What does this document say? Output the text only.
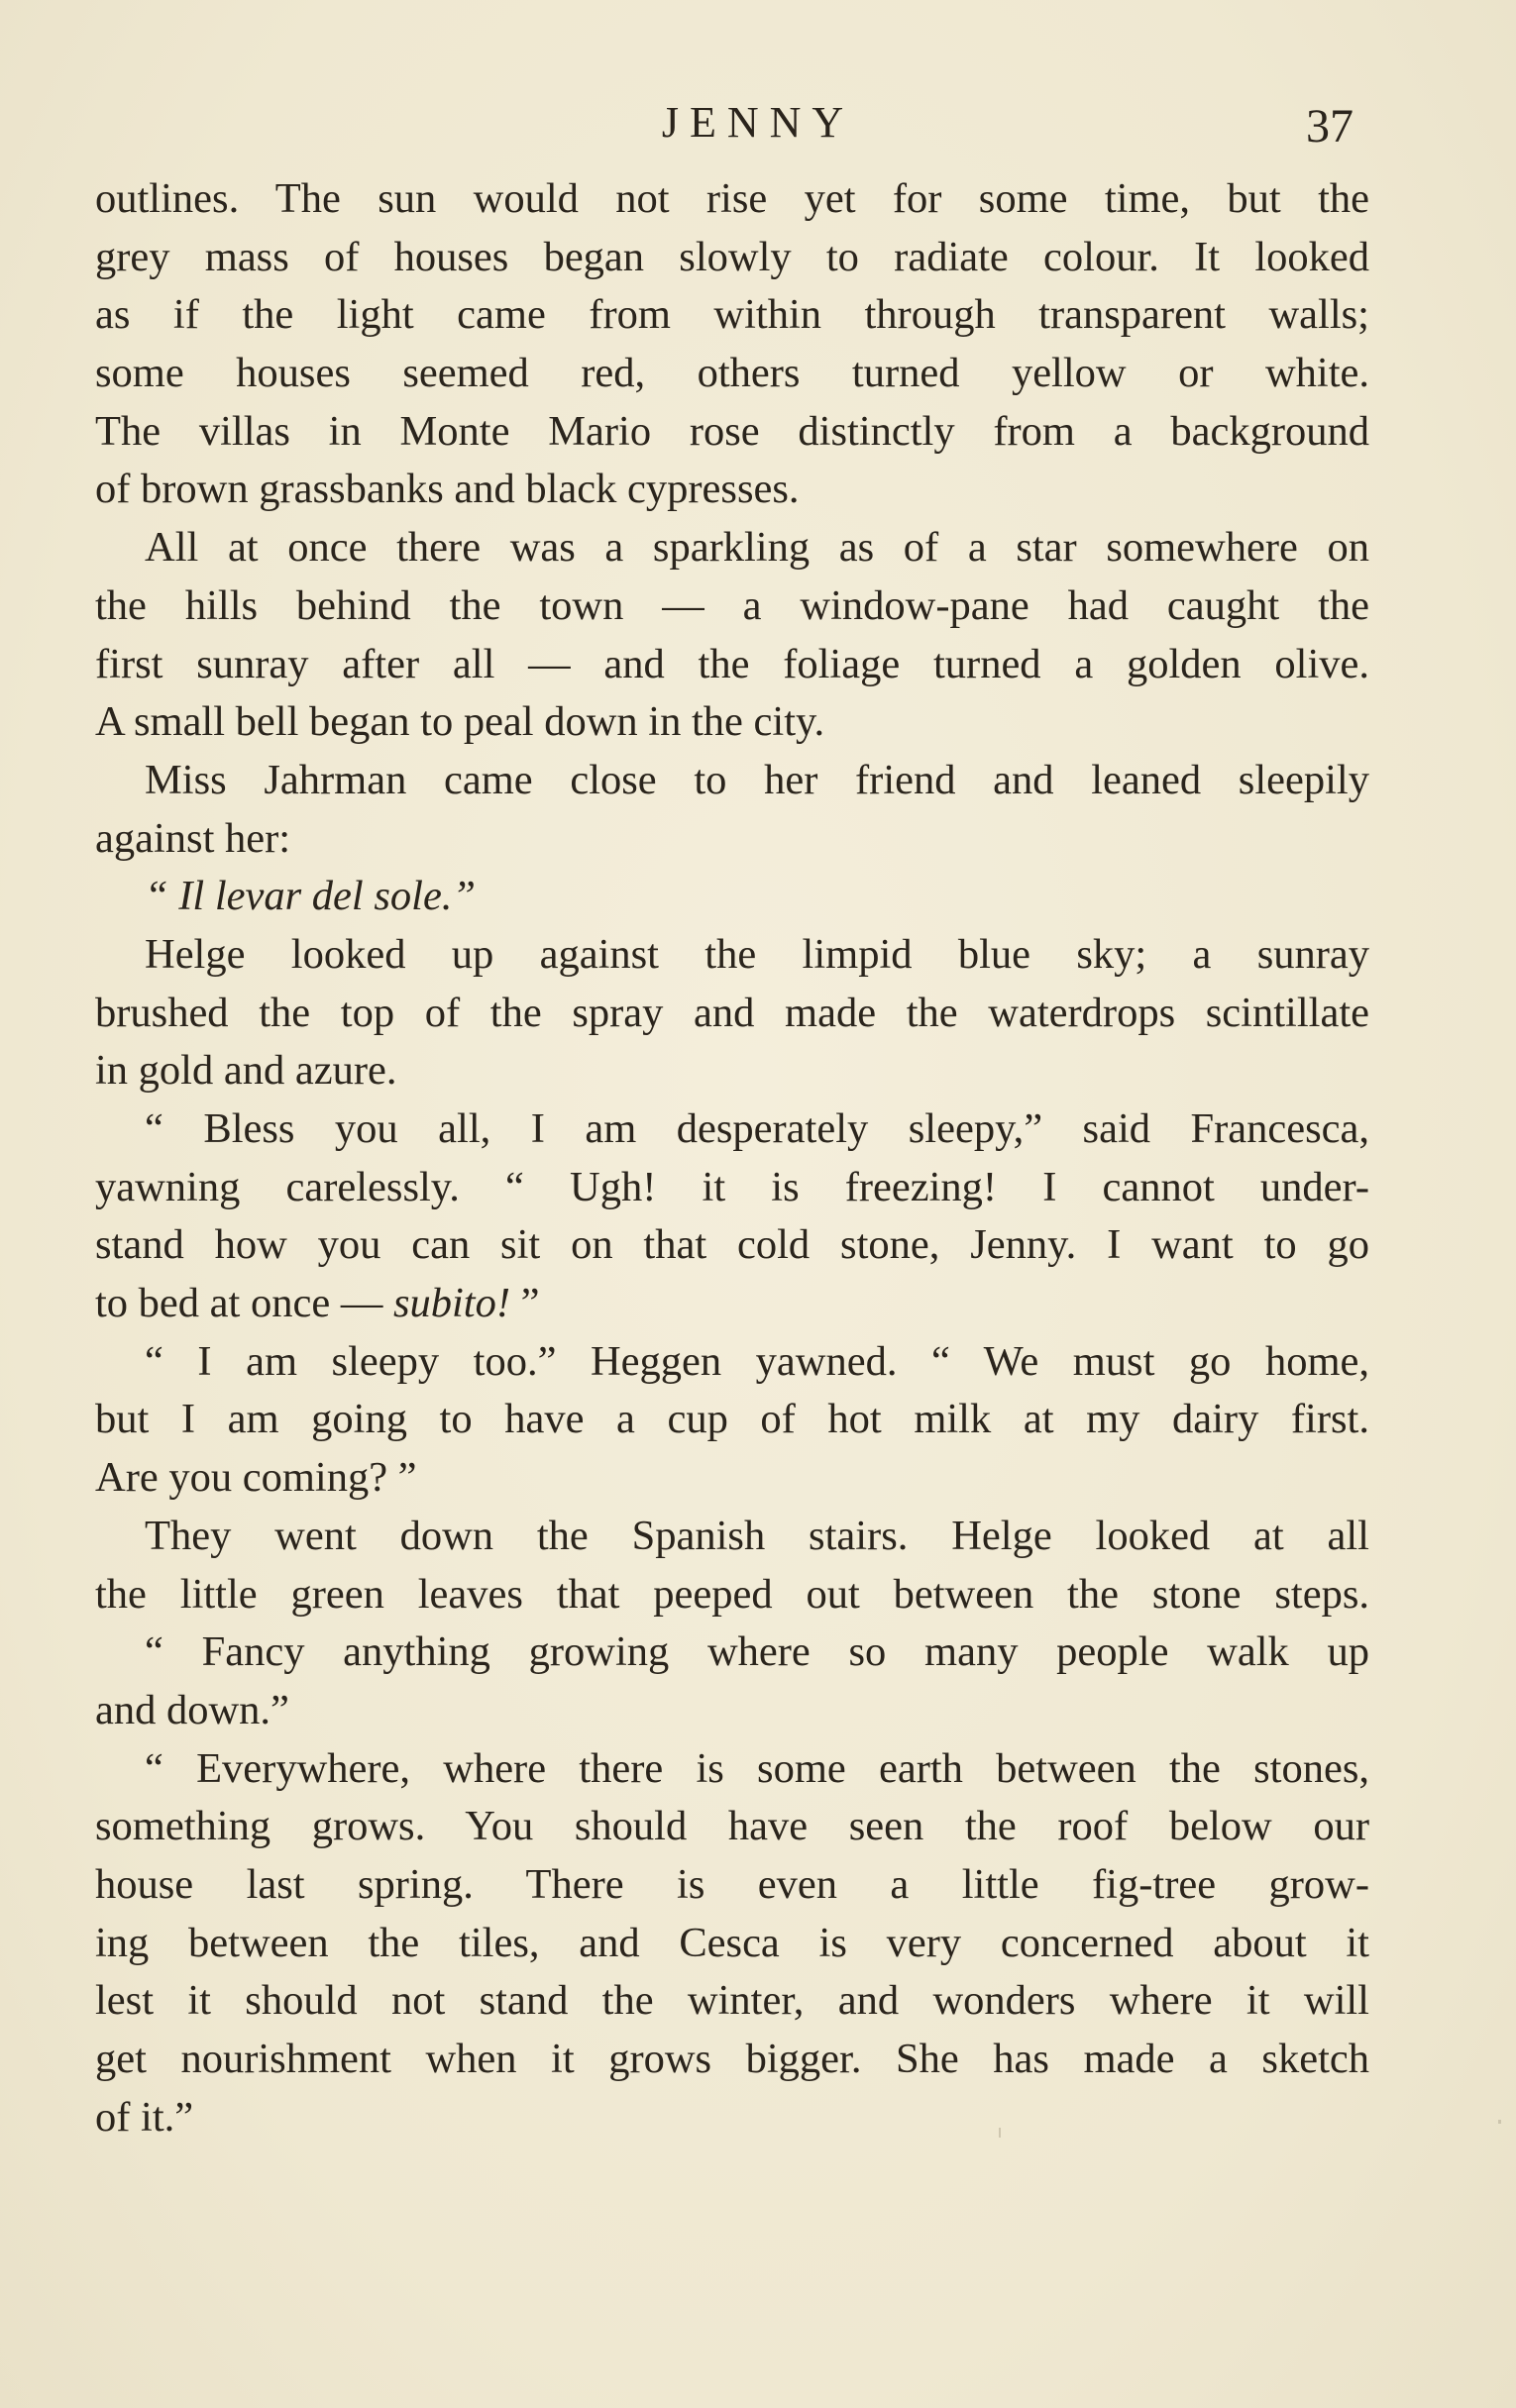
JENNY	37
outlines. The sun would not rise yet for some time, but the
grey mass of houses began slowly to radiate colour. It looked
as if the light came from within through transparent walls;
some houses seemed red, others turned yellow or white.
The villas in Monte Mario rose distinctly from a background
of brown grassbanks and black cypresses.
All at once there was a sparkling as of a star somewhere on
the hills behind the town — a window-pane had caught the
first sunray after all — and the foliage turned a golden olive.
A small bell began to peal down in the city.
Miss Jahrman came close to her friend and leaned sleepily
against her:
“ Il levar del sole.”
Helge looked up against the limpid blue sky; a sunray
brushed the top of the spray and made the waterdrops scintillate
in gold and azure.
“ Bless you all, I am desperately sleepy,” said Francesca,
yawning carelessly. “ Ugh! it is freezing! I cannot under-
stand how you can sit on that cold stone, Jenny. I want to go
to bed at once — subito! ”
“ I am sleepy too.” Heggen yawned. “ We must go home,
but I am going to have a cup of hot milk at my dairy first.
Are you coming? ”
They went down the Spanish stairs. Helge looked at all
the little green leaves that peeped out between the stone steps.
“ Fancy anything growing where so many people walk up
and down.”
“ Everywhere, where there is some earth between the stones,
something grows. You should have seen the roof below our
house last spring. There is even a little fig-tree grow-
ing between the tiles, and Cesca is very concerned about it
lest it should not stand the winter, and wonders where it will
get nourishment when it grows bigger. She has made a sketch
of it.”
